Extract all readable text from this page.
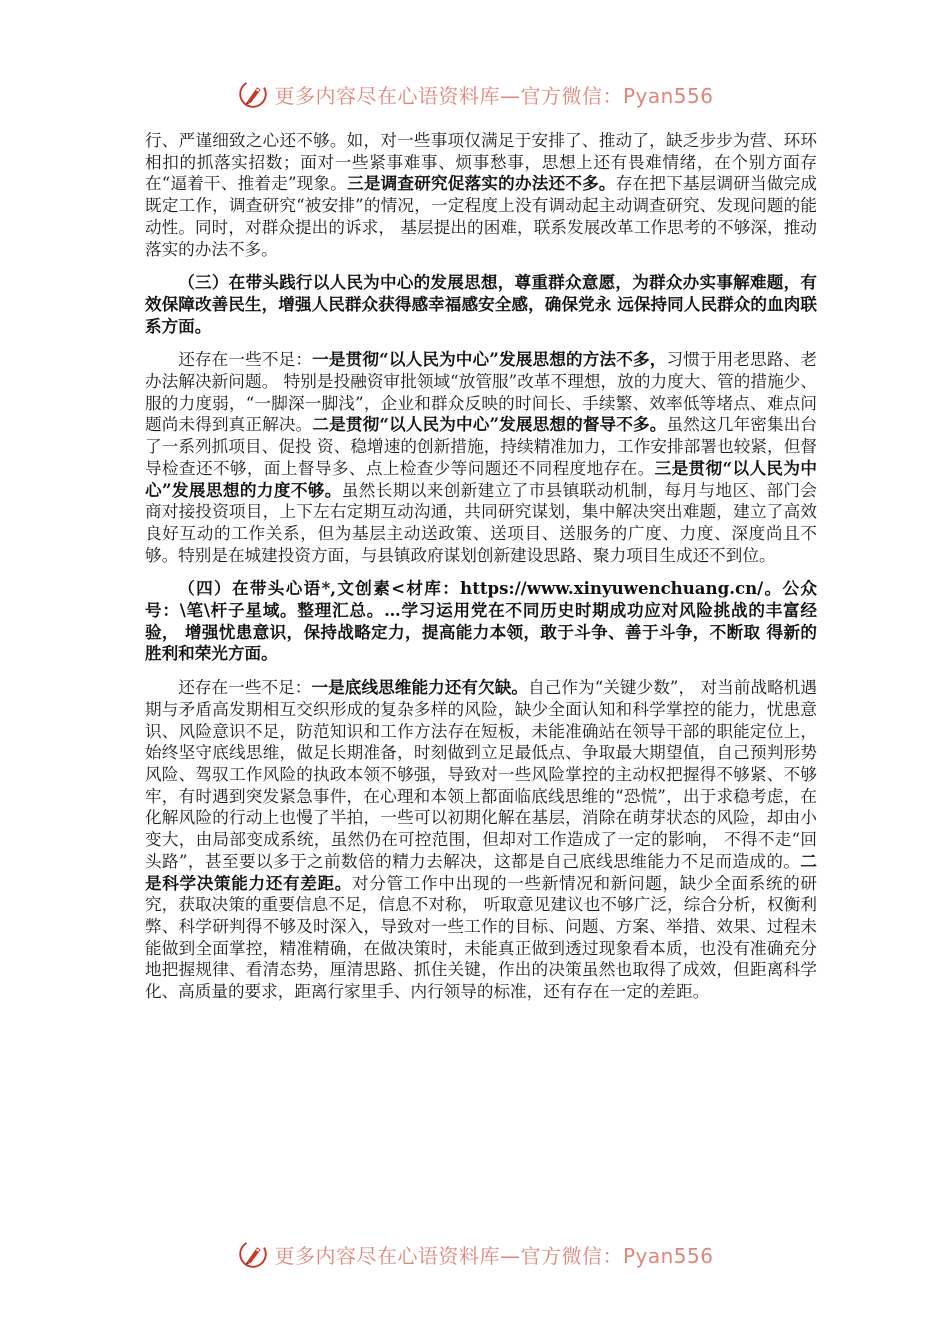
更多内容尽在心语资料库—官方微信：Pyan556

行、严谨细致之心还不够。如，对一些事项仅满足于安排了、推动了，缺乏步步为营、环环相扣的抓落实招数；面对一些紧事难事、烦事愁事，思想上还有畏难情绪，在个别方面存在“逼着干、推着走”现象。三是调查研究促落实的办法还不多。存在把下基层调研当做完成既定工作，调查研究“被安排”的情况，一定程度上没有调动起主动调查研究、发现问题的能动性。同时，对群众提出的诉求， 基层提出的困难，联系发展改革工作思考的不够深，推动落实的办法不多。

（三）在带头践行以人民为中心的发展思想，尊重群众意愿，为群众办实事解难题，有效保障改善民生，增强人民群众获得感幸福感安全感，确保党永 远保持同人民群众的血肉联系方面。

还存在一些不足：一是贯彻“以人民为中心”发展思想的方法不多，习惯于用老思路、老办法解决新问题。 特别是投融资审批领域“放管服”改革不理想，放的力度大、管的措施少、服的力度弱，“一脚深一脚浅”，企业和群众反映的时间长、手续繁、效率低等堵点、难点问题尚未得到真正解决。二是贯彻“以人民为中心”发展思想的督导不多。虽然这几年密集出台了一系列抓项目、促投 资、稳增速的创新措施，持续精准加力，工作安排部署也较紧，但督导检查还不够，面上督导多、点上检查少等问题还不同程度地存在。三是贯彻“以人民为中心”发展思想的力度不够。虽然长期以来创新建立了市县镇联动机制，每月与地区、部门会商对接投资项目，上下左右定期互动沟通，共同研究谋划，集中解决突出难题，建立了高效良好互动的工作关系，但为基层主动送政策、送项目、送服务的广度、力度、深度尚且不够。特别是在城建投资方面，与县镇政府谋划创新建设思路、聚力项目生成还不到位。

（四）在带头心语*,文创素<材库：https://www.xinyuwenchuang.cn/。公众号：\笔\杆子星域。整理汇总。…学习运用党在不同历史时期成功应对风险挑战的丰富经验， 增强忧患意识，保持战略定力，提高能力本领，敢于斗争、善于斗争，不断取 得新的胜利和荣光方面。

还存在一些不足：一是底线思维能力还有欠缺。自己作为“关键少数”， 对当前战略机遇期与矛盾高发期相互交织形成的复杂多样的风险，缺少全面认知和科学掌控的能力，忧患意识、风险意识不足，防范知识和工作方法存在短板，未能准确站在领导干部的职能定位上，始终坚守底线思维，做足长期准备，时刻做到立足最低点、争取最大期望值，自己预判形势风险、驾驭工作风险的执政本领不够强，导致对一些风险掌控的主动权把握得不够紧、不够牢，有时遇到突发紧急事件，在心理和本领上都面临底线思维的“恐慌”，出于求稳考虑，在化解风险的行动上也慢了半拍，一些可以初期化解在基层，消除在萌芽状态的风险，却由小变大，由局部变成系统，虽然仍在可控范围，但却对工作造成了一定的影响， 不得不走“回头路”，甚至要以多于之前数倍的精力去解决，这都是自己底线思维能力不足而造成的。二是科学决策能力还有差距。对分管工作中出现的一些新情况和新问题，缺少全面系统的研究，获取决策的重要信息不足，信息不对称， 听取意见建议也不够广泛，综合分析，权衡利弊、科学研判得不够及时深入，导致对一些工作的目标、问题、方案、举措、效果、过程未能做到全面掌控，精准精确，在做决策时，未能真正做到透过现象看本质，也没有准确充分地把握规律、看清态势，厘清思路、抓住关键，作出的决策虽然也取得了成效，但距离科学化、高质量的要求，距离行家里手、内行领导的标准，还有存在一定的差距。

更多内容尽在心语资料库—官方微信：Pyan556
